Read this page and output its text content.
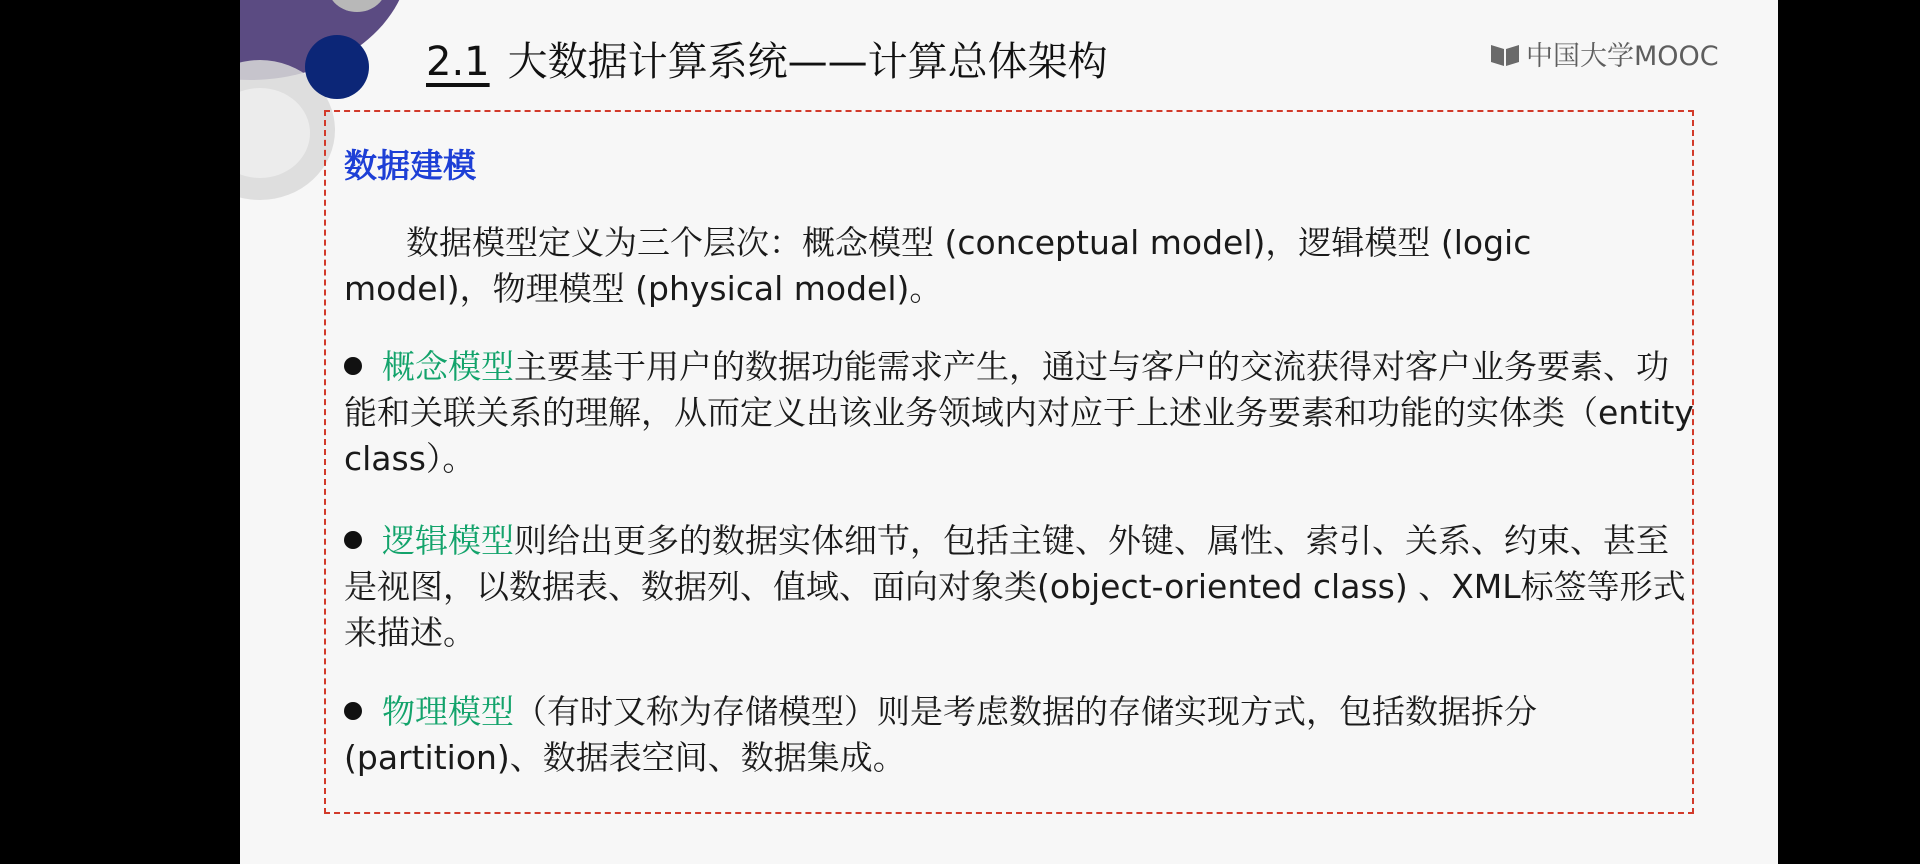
2.1 大数据计算系统——计算总体架构	中国大学MOOC
数据建模
数据模型定义为三个层次：概念模型 (conceptual model)，逻辑模型 (logic model)，物理模型 (physical model)。
概念模型主要基于用户的数据功能需求产生，通过与客户的交流获得对客户业务要素、功能和关联关系的理解，从而定义出该业务领域内对应于上述业务要素和功能的实体类（entity class）。
逻辑模型则给出更多的数据实体细节，包括主键、外键、属性、索引、关系、约束、甚至是视图，以数据表、数据列、值域、面向对象类(object-oriented class) 、XML标签等形式来描述。
物理模型（有时又称为存储模型）则是考虑数据的存储实现方式，包括数据拆分(partition)、数据表空间、数据集成。
